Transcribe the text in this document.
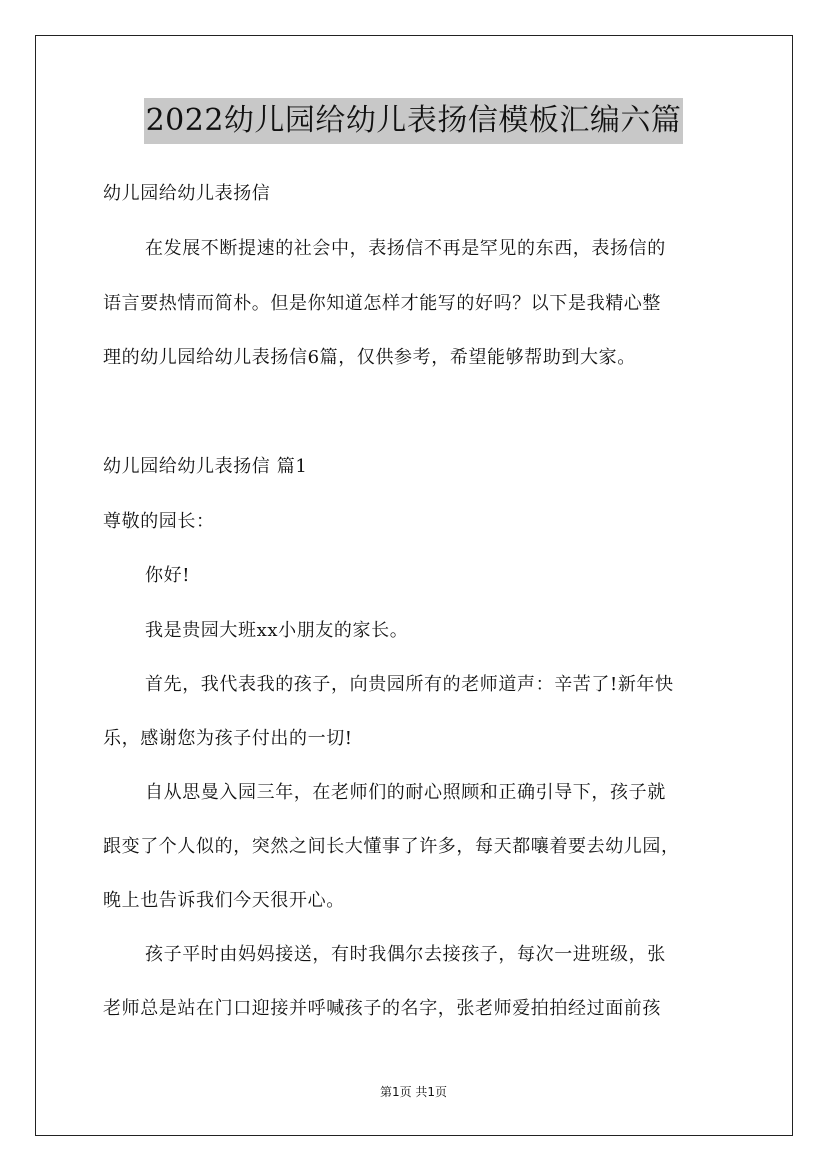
2022幼儿园给幼儿表扬信模板汇编六篇
幼儿园给幼儿表扬信
在发展不断提速的社会中，表扬信不再是罕见的东西，表扬信的
语言要热情而简朴。但是你知道怎样才能写的好吗？以下是我精心整
理的幼儿园给幼儿表扬信6篇，仅供参考，希望能够帮助到大家。
幼儿园给幼儿表扬信 篇1
尊敬的园长：
你好!
我是贵园大班xx小朋友的家长。
首先，我代表我的孩子，向贵园所有的老师道声：辛苦了!新年快
乐，感谢您为孩子付出的一切!
自从思曼入园三年，在老师们的耐心照顾和正确引导下，孩子就
跟变了个人似的，突然之间长大懂事了许多，每天都嚷着要去幼儿园，
晚上也告诉我们今天很开心。
孩子平时由妈妈接送，有时我偶尔去接孩子，每次一进班级，张
老师总是站在门口迎接并呼喊孩子的名字，张老师爱拍拍经过面前孩
第1页 共1页
